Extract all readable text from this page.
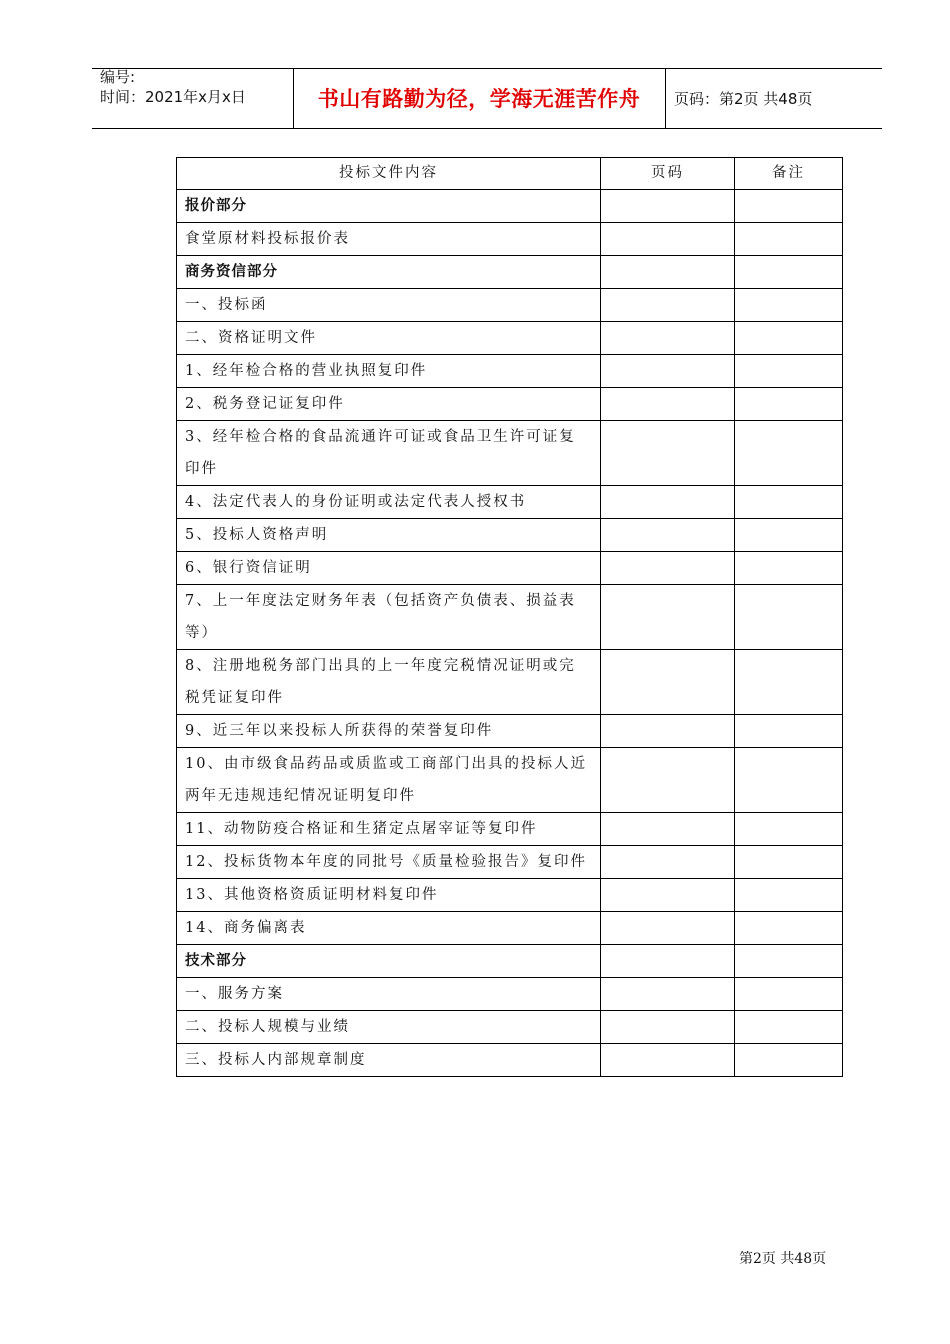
编号:
时间：2021年x月x日	书山有路勤为径，学海无涯苦作舟	页码：第2页 共48页
投标文件内容	页码	备注
报价部分		
食堂原材料投标报价表		
商务资信部分		
一、投标函		
二、资格证明文件		
1、经年检合格的营业执照复印件		
2、税务登记证复印件		
3、经年检合格的食品流通许可证或食品卫生许可证复印件		
4、法定代表人的身份证明或法定代表人授权书		
5、投标人资格声明		
6、银行资信证明		
7、上一年度法定财务年表（包括资产负债表、损益表等）		
8、注册地税务部门出具的上一年度完税情况证明或完税凭证复印件		
9、近三年以来投标人所获得的荣誉复印件		
10、由市级食品药品或质监或工商部门出具的投标人近两年无违规违纪情况证明复印件		
11、动物防疫合格证和生猪定点屠宰证等复印件		
12、投标货物本年度的同批号《质量检验报告》复印件		
13、其他资格资质证明材料复印件		
14、商务偏离表		
技术部分		
一、服务方案		
二、投标人规模与业绩		
三、投标人内部规章制度		
第2页 共48页
